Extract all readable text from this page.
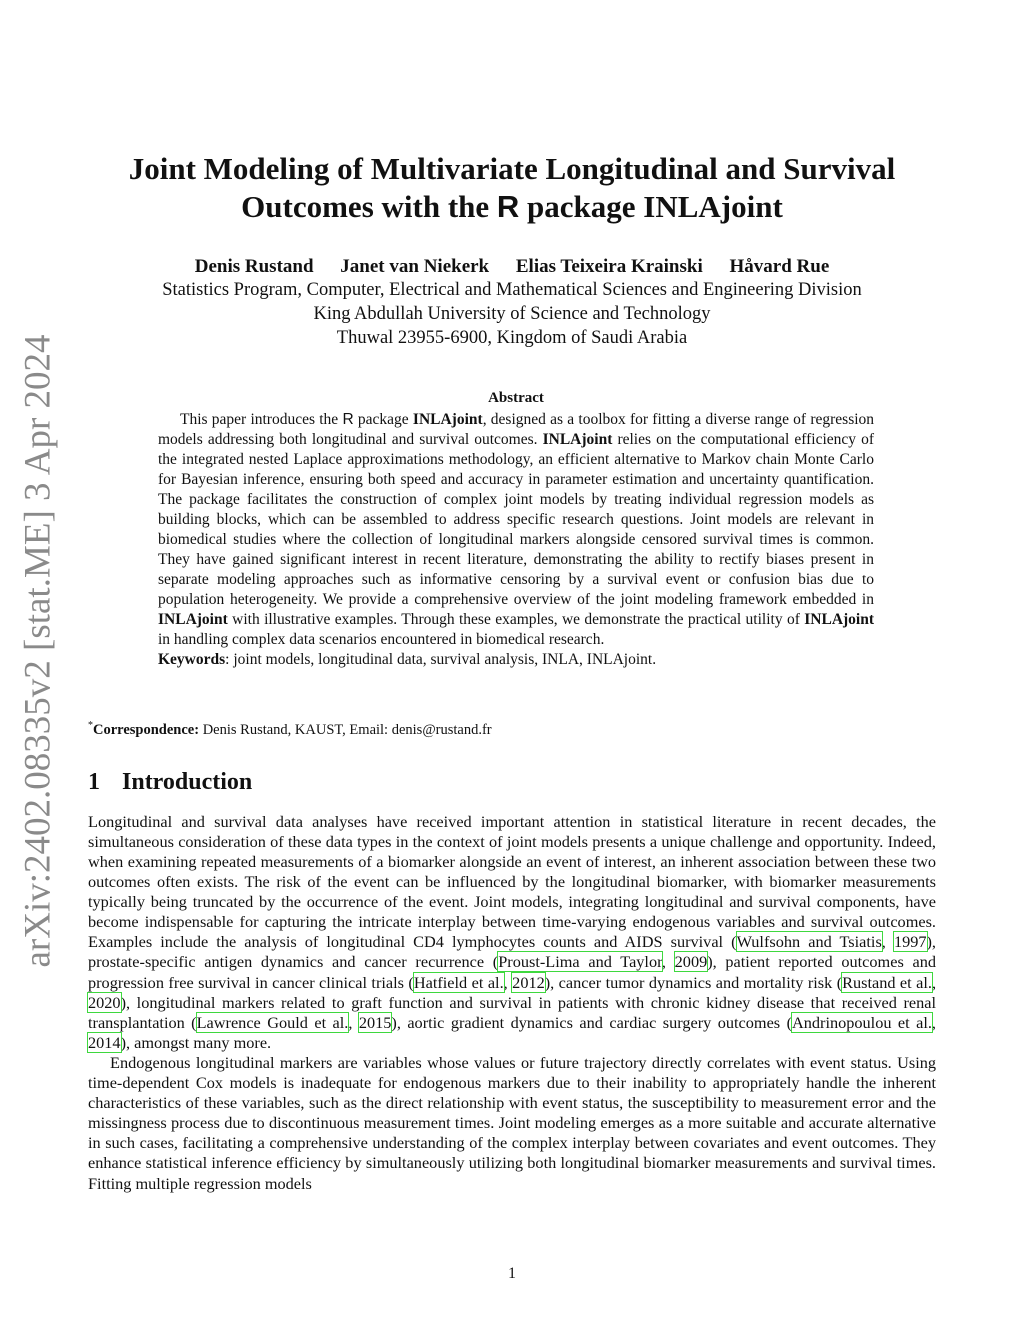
arXiv:2402.08335v2 [stat.ME] 3 Apr 2024
Joint Modeling of Multivariate Longitudinal and Survival
Outcomes with the R package INLAjoint
Denis Rustand Janet van Niekerk Elias Teixeira Krainski Håvard Rue
Statistics Program, Computer, Electrical and Mathematical Sciences and Engineering Division
King Abdullah University of Science and Technology
Thuwal 23955-6900, Kingdom of Saudi Arabia
Abstract

This paper introduces the R package INLAjoint, designed as a toolbox for fitting a diverse range of regression models addressing both longitudinal and survival outcomes. INLAjoint relies on the computational efficiency of the integrated nested Laplace approximations methodology, an efficient alternative to Markov chain Monte Carlo for Bayesian inference, ensuring both speed and accuracy in parameter estimation and uncertainty quantification. The package facilitates the construction of complex joint models by treating individual regression models as building blocks, which can be assembled to address specific research questions. Joint models are relevant in biomedical studies where the collection of longitudinal markers alongside censored survival times is common. They have gained significant interest in recent literature, demonstrating the ability to rectify biases present in separate modeling approaches such as informative censoring by a survival event or confusion bias due to population heterogeneity. We provide a comprehensive overview of the joint modeling framework embedded in INLAjoint with illustrative examples. Through these examples, we demonstrate the practical utility of INLAjoint in handling complex data scenarios encountered in biomedical research.

Keywords: joint models, longitudinal data, survival analysis, INLA, INLAjoint.
*Correspondence: Denis Rustand, KAUST, Email: denis@rustand.fr
1 Introduction

Longitudinal and survival data analyses have received important attention in statistical literature in recent decades, the simultaneous consideration of these data types in the context of joint models presents a unique challenge and opportunity. Indeed, when examining repeated measurements of a biomarker alongside an event of interest, an inherent association between these two outcomes often exists. The risk of the event can be influenced by the longitudinal biomarker, with biomarker measurements typically being truncated by the occurrence of the event. Joint models, integrating longitudinal and survival components, have become indispensable for capturing the intricate interplay between time-varying endogenous variables and survival outcomes. Examples include the analysis of longitudinal CD4 lymphocytes counts and AIDS survival (Wulfsohn and Tsiatis, 1997), prostate-specific antigen dynamics and cancer recurrence (Proust-Lima and Taylor, 2009), patient reported outcomes and progression free survival in cancer clinical trials (Hatfield et al., 2012), cancer tumor dynamics and mortality risk (Rustand et al., 2020), longitudinal markers related to graft function and survival in patients with chronic kidney disease that received renal transplantation (Lawrence Gould et al., 2015), aortic gradient dynamics and cardiac surgery outcomes (Andrinopoulou et al., 2014), amongst many more.

Endogenous longitudinal markers are variables whose values or future trajectory directly correlates with event status. Using time-dependent Cox models is inadequate for endogenous markers due to their inability to appropriately handle the inherent characteristics of these variables, such as the direct relationship with event status, the susceptibility to measurement error and the missingness process due to discontinuous measurement times. Joint modeling emerges as a more suitable and accurate alternative in such cases, facilitating a comprehensive understanding of the complex interplay between covariates and event outcomes. They enhance statistical inference efficiency by simultaneously utilizing both longitudinal biomarker measurements and survival times. Fitting multiple regression models

1
